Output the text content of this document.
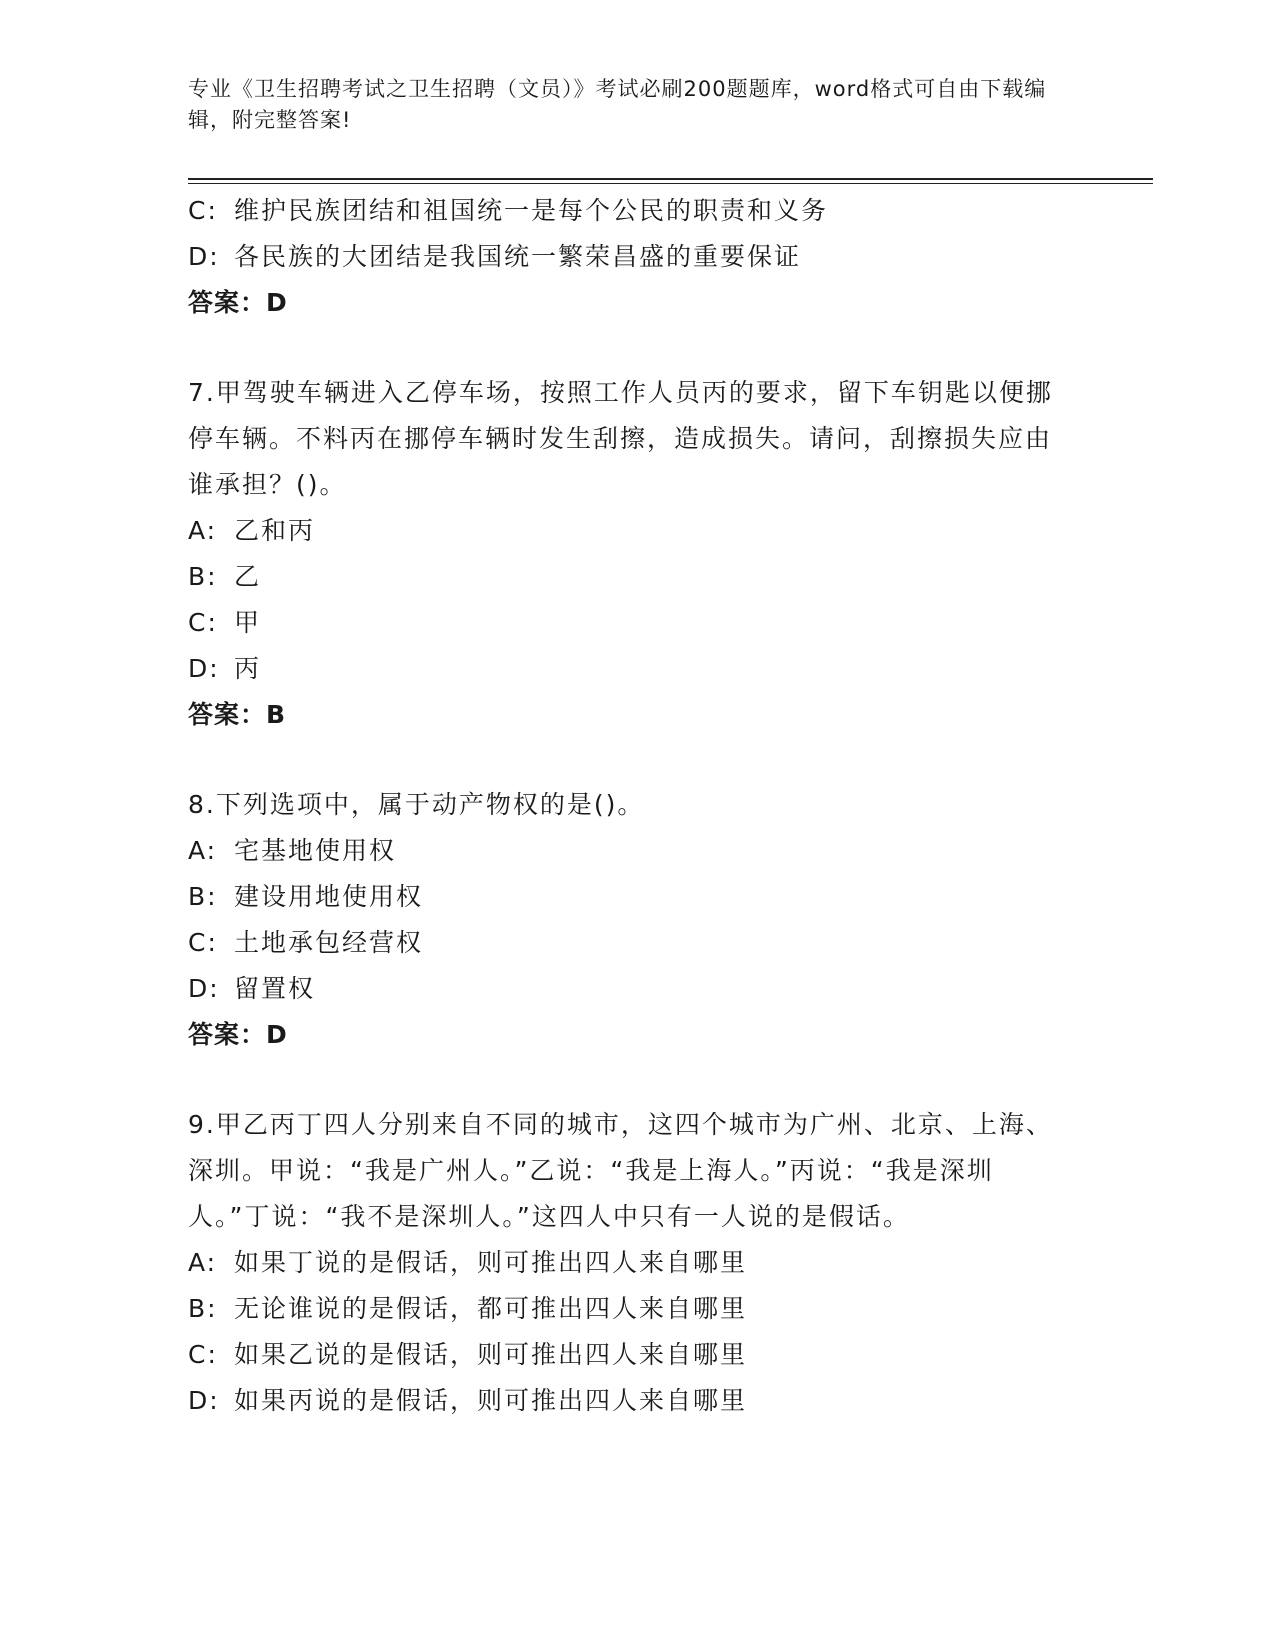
专业《卫生招聘考试之卫生招聘（文员）》考试必刷200题题库，word格式可自由下载编辑，附完整答案!
C: 维护民族团结和祖国统一是每个公民的职责和义务
D: 各民族的大团结是我国统一繁荣昌盛的重要保证
答案：D
7.甲驾驶车辆进入乙停车场，按照工作人员丙的要求，留下车钥匙以便挪停车辆。不料丙在挪停车辆时发生刮擦，造成损失。请问，刮擦损失应由谁承担？()。
A: 乙和丙
B: 乙
C: 甲
D: 丙
答案：B
8.下列选项中，属于动产物权的是()。
A: 宅基地使用权
B: 建设用地使用权
C: 土地承包经营权
D: 留置权
答案：D
9.甲乙丙丁四人分别来自不同的城市，这四个城市为广州、北京、上海、深圳。甲说：“我是广州人。”乙说：“我是上海人。”丙说：“我是深圳人。”丁说：“我不是深圳人。”这四人中只有一人说的是假话。
A: 如果丁说的是假话，则可推出四人来自哪里
B: 无论谁说的是假话，都可推出四人来自哪里
C: 如果乙说的是假话，则可推出四人来自哪里
D: 如果丙说的是假话，则可推出四人来自哪里
